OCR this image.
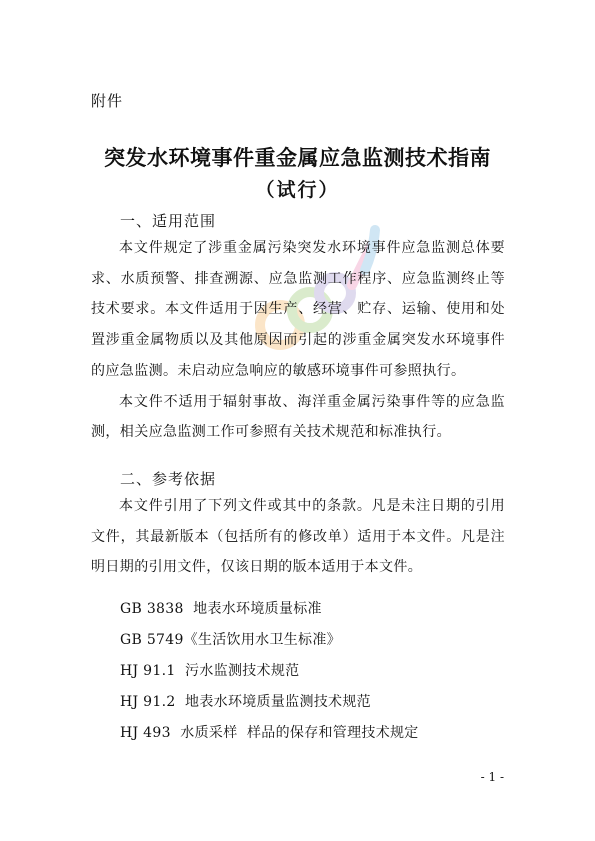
附件
突发水环境事件重金属应急监测技术指南
（试行）
一、适用范围

本文件规定了涉重金属污染突发水环境事件应急监测总体要求、水质预警、排查溯源、应急监测工作程序、应急监测终止等技术要求。本文件适用于因生产、经营、贮存、运输、使用和处置涉重金属物质以及其他原因而引起的涉重金属突发水环境事件的应急监测。未启动应急响应的敏感环境事件可参照执行。

本文件不适用于辐射事故、海洋重金属污染事件等的应急监测，相关应急监测工作可参照有关技术规范和标准执行。

二、参考依据

本文件引用了下列文件或其中的条款。凡是未注日期的引用文件，其最新版本（包括所有的修改单）适用于本文件。凡是注明日期的引用文件，仅该日期的版本适用于本文件。

GB 3838  地表水环境质量标准
GB 5749《生活饮用水卫生标准》
HJ 91.1  污水监测技术规范
HJ 91.2  地表水环境质量监测技术规范
HJ 493  水质采样  样品的保存和管理技术规定
- 1 -
